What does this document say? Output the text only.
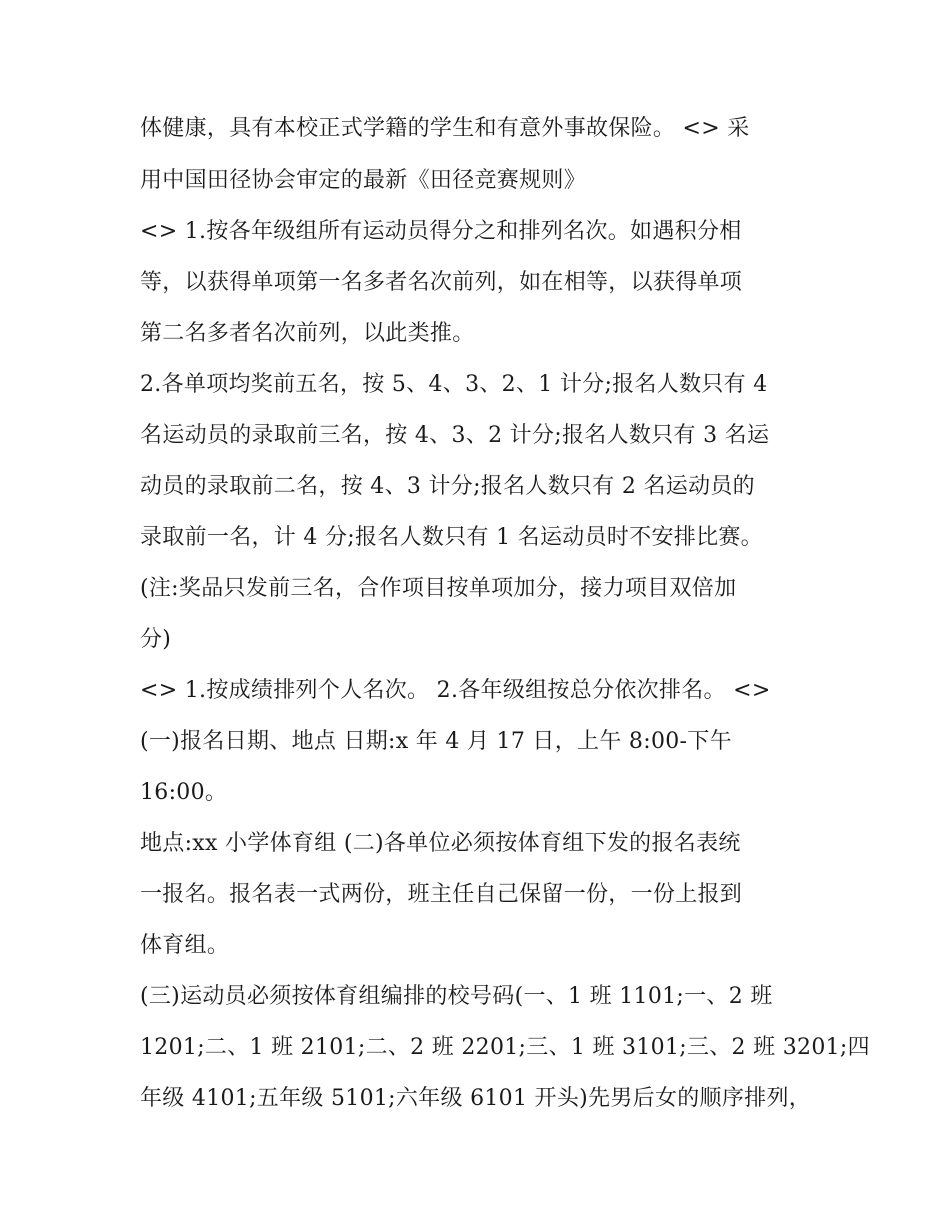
体健康，具有本校正式学籍的学生和有意外事故保险。 <> 采
用中国田径协会审定的最新《田径竞赛规则》
<> 1.按各年级组所有运动员得分之和排列名次。如遇积分相
等，以获得单项第一名多者名次前列，如在相等，以获得单项
第二名多者名次前列，以此类推。
2.各单项均奖前五名，按 5、4、3、2、1 计分;报名人数只有 4
名运动员的录取前三名，按 4、3、2 计分;报名人数只有 3 名运
动员的录取前二名，按 4、3 计分;报名人数只有 2 名运动员的
录取前一名，计 4 分;报名人数只有 1 名运动员时不安排比赛。
(注:奖品只发前三名，合作项目按单项加分，接力项目双倍加
分)
<> 1.按成绩排列个人名次。 2.各年级组按总分依次排名。 <>
(一)报名日期、地点 日期:x 年 4 月 17 日，上午 8:00-下午
16:00。
地点:xx 小学体育组 (二)各单位必须按体育组下发的报名表统
一报名。报名表一式两份，班主任自己保留一份，一份上报到
体育组。
(三)运动员必须按体育组编排的校号码(一、1 班 1101;一、2 班
1201;二、1 班 2101;二、2 班 2201;三、1 班 3101;三、2 班 3201;四
年级 4101;五年级 5101;六年级 6101 开头)先男后女的顺序排列，
